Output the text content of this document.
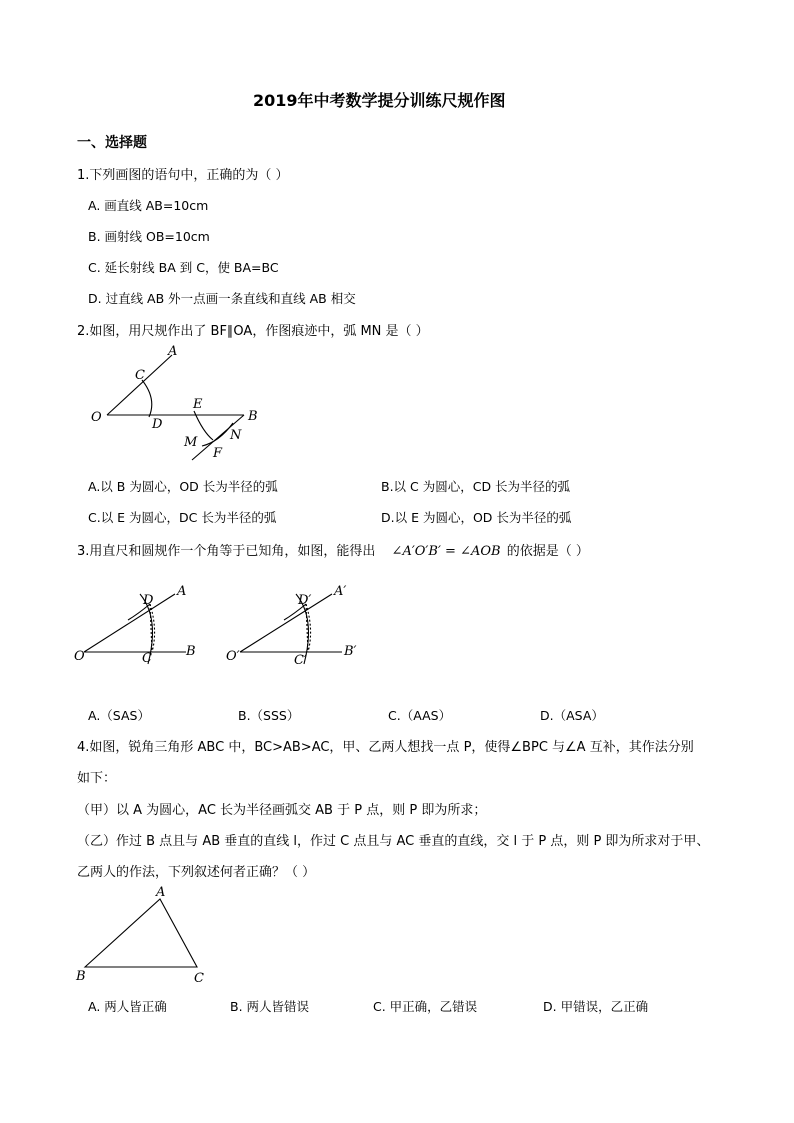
2019年中考数学提分训练尺规作图
一、选择题
1.下列画图的语句中，正确的为（ ）
A. 画直线 AB=10cm
B. 画射线 OB=10cm
C. 延长射线 BA 到 C，使 BA=BC
D. 过直线 AB 外一点画一条直线和直线 AB 相交
2.如图，用尺规作出了 BF∥OA，作图痕迹中，弧 MN 是（ ）
A
C
O	D
E
B
M	N
F
A.以 B 为圆心，OD 长为半径的弧	B.以 C 为圆心，CD 长为半径的弧
C.以 E 为圆心，DC 长为半径的弧	D.以 E 为圆心，OD 长为半径的弧
3.用直尺和圆规作一个角等于已知角，如图，能得出 ∠A′O′B′ = ∠AOB 的依据是（ ）
D
A
O	C	B
D′
A′
O′	C′
B′
A.（SAS）	B.（SSS）	C.（AAS）	D.（ASA）
4.如图，锐角三角形 ABC 中，BC>AB>AC，甲、乙两人想找一点 P，使得∠BPC 与∠A 互补，其作法分别
如下：
（甲）以 A 为圆心，AC 长为半径画弧交 AB 于 P 点，则 P 即为所求；
（乙）作过 B 点且与 AB 垂直的直线 l，作过 C 点且与 AC 垂直的直线，交 l 于 P 点，则 P 即为所求对于甲、
乙两人的作法，下列叙述何者正确？（ ）
A
B	C
A. 两人皆正确	B. 两人皆错误	C. 甲正确，乙错误	D. 甲错误，乙正确
